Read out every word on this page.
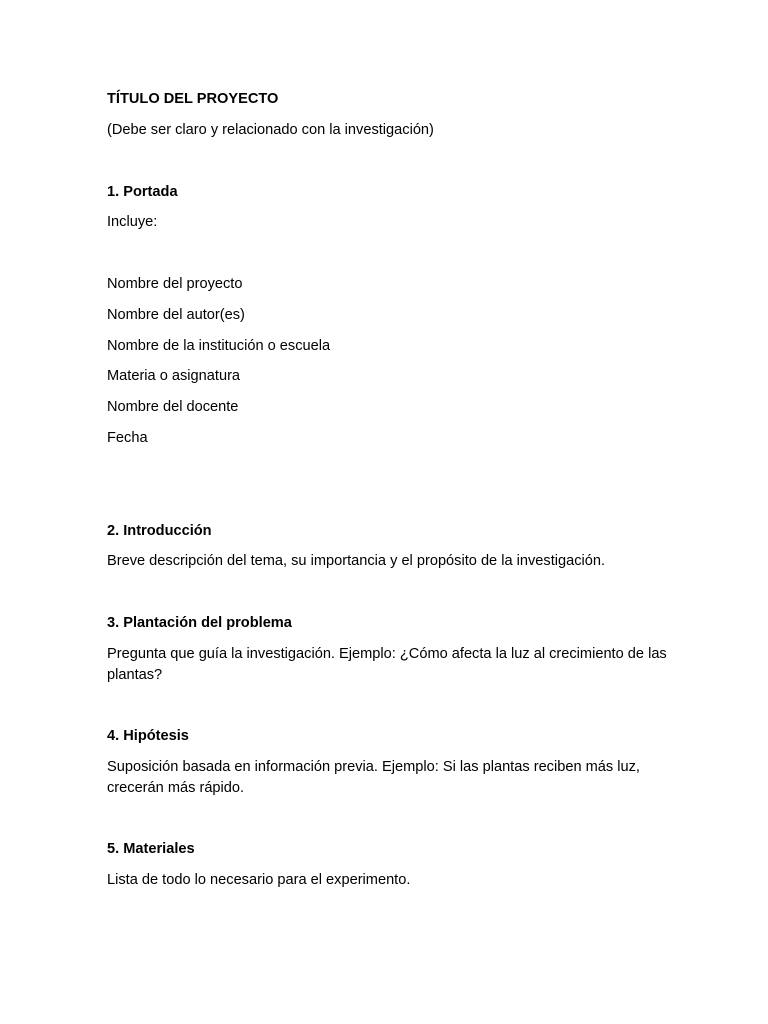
TÍTULO DEL PROYECTO

(Debe ser claro y relacionado con la investigación)

1. Portada

Incluye:

Nombre del proyecto

Nombre del autor(es)

Nombre de la institución o escuela

Materia o asignatura

Nombre del docente

Fecha

2. Introducción

Breve descripción del tema, su importancia y el propósito de la investigación.

3. Plantación del problema

Pregunta que guía la investigación. Ejemplo: ¿Cómo afecta la luz al crecimiento de las plantas?

4. Hipótesis

Suposición basada en información previa. Ejemplo: Si las plantas reciben más luz, crecerán más rápido.

5. Materiales

Lista de todo lo necesario para el experimento.
